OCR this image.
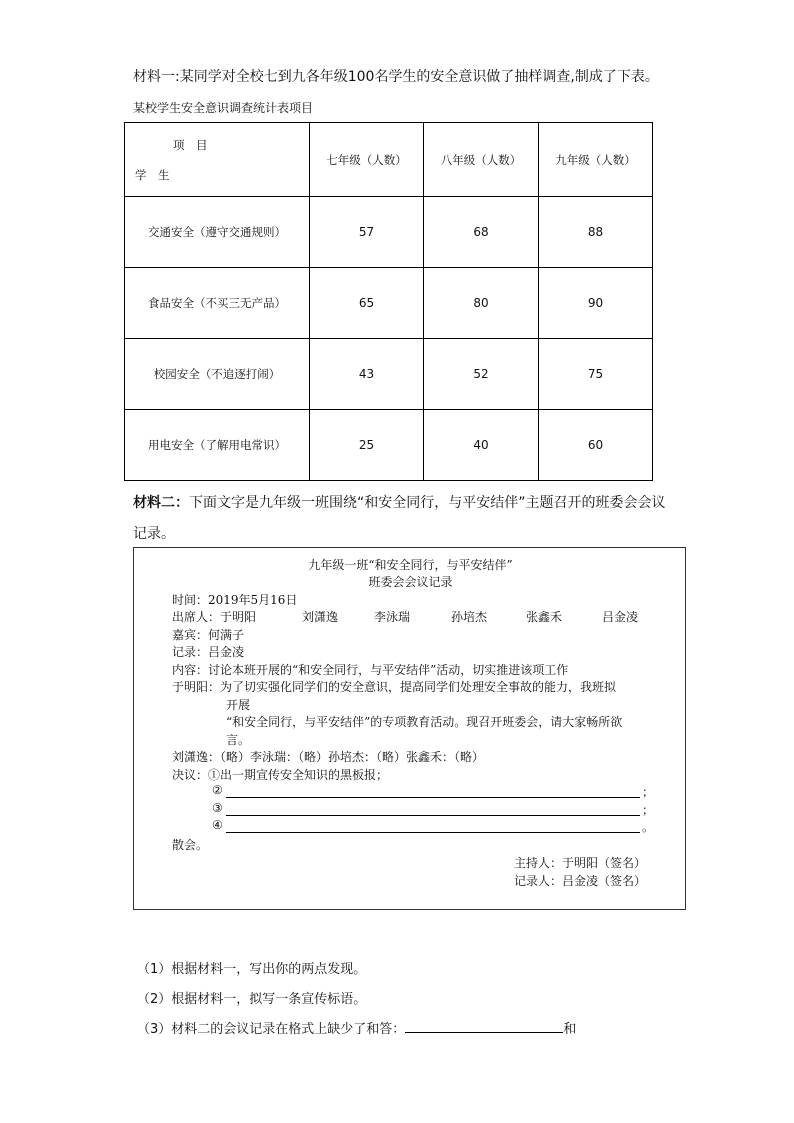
材料一:某同学对全校七到九各年级100名学生的安全意识做了抽样调查,制成了下表。
某校学生安全意识调查统计表项目
项　目
学　生	七年级（人数）	八年级（人数）	九年级（人数）
交通安全（遵守交通规则）	57	68	88
食品安全（不买三无产品）	65	80	90
校园安全（不追逐打闹）	43	52	75
用电安全（了解用电常识）	25	40	60
材料二：下面文字是九年级一班围绕“和安全同行，与平安结伴”主题召开的班委会会议记录。
九年级一班“和安全同行，与平安结伴”
班委会会议记录
时间：2019年5月16日
出席人：于明阳	刘潇逸	李泳瑞	孙培杰	张鑫禾	吕金凌
嘉宾：何满子
记录：吕金凌
内容：讨论本班开展的“和安全同行，与平安结伴”活动，切实推进该项工作
于明阳：为了切实强化同学们的安全意识，提高同学们处理安全事故的能力，我班拟
开展
“和安全同行，与平安结伴”的专项教育活动。现召开班委会，请大家畅所欲
言。
刘潇逸：（略）李泳瑞：（略）孙培杰：（略）张鑫禾：（略）
决议：①出一期宣传安全知识的黑板报；
②	；
③	；
④	。
散会。
主持人：于明阳（签名）
记录人：吕金凌（签名）
（1）根据材料一，写出你的两点发现。
（2）根据材料一，拟写一条宣传标语。
（3）材料二的会议记录在格式上缺少了和答：	和
